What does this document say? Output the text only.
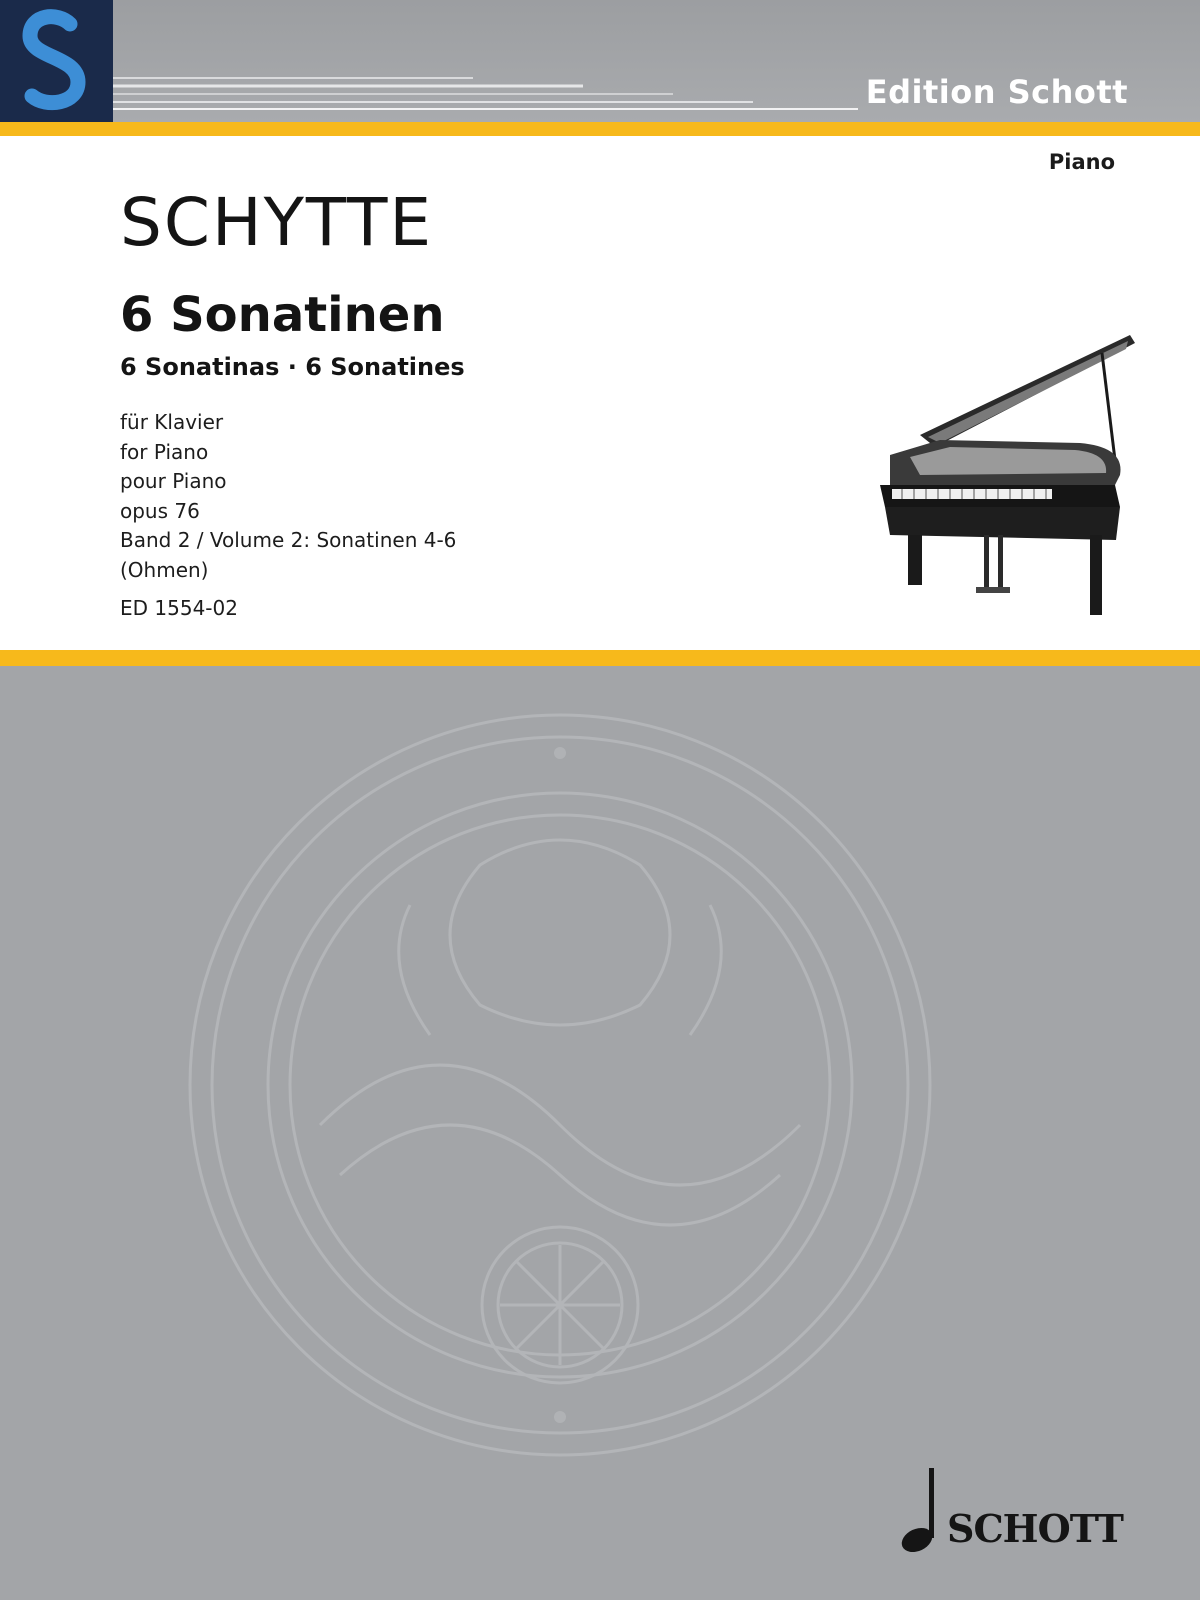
Edition Schott
Piano
SCHYTTE
6 Sonatinen
6 Sonatinas · 6 Sonatines
für Klavier
for Piano
pour Piano
opus 76
Band 2 / Volume 2: Sonatinen 4-6
(Ohmen)
ED 1554-02
SCHOTT
